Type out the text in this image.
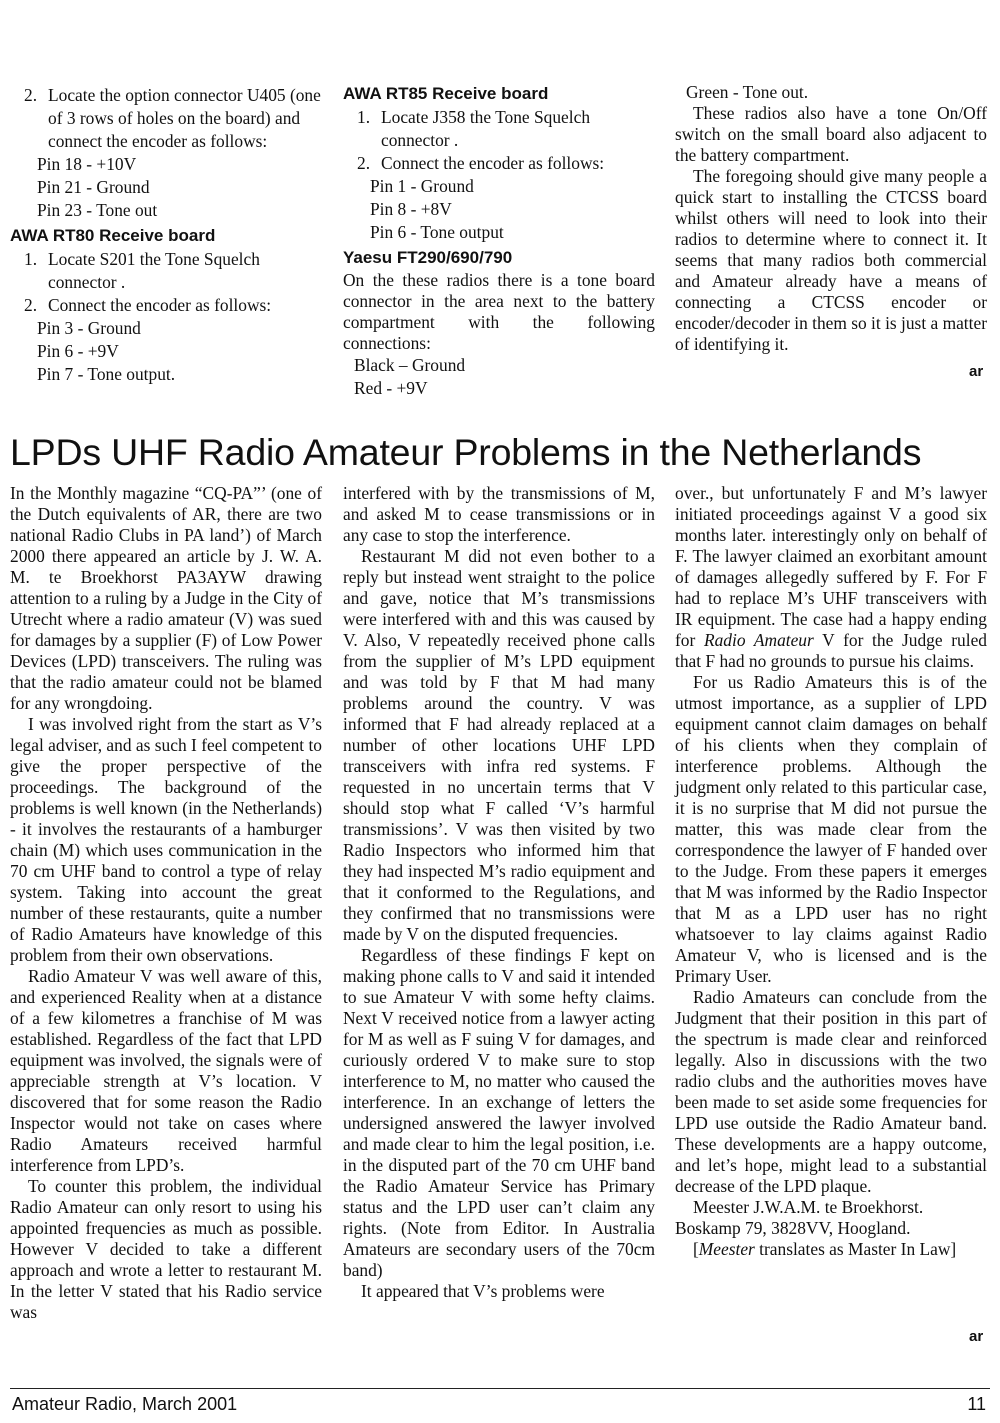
2. Locate the option connector U405 (one of 3 rows of holes on the board) and connect the encoder as follows:

Pin 18 - +10V

Pin 21 - Ground

Pin 23 - Tone out

AWA RT80 Receive board
1. Locate S201 the Tone Squelch connector .
2. Connect the encoder as follows:

Pin 3 - Ground

Pin 6 - +9V

Pin 7 - Tone output.

AWA RT85 Receive board
1. Locate J358 the Tone Squelch connector .
2. Connect the encoder as follows:

Pin 1 - Ground

Pin 8 - +8V

Pin 6 - Tone output

Yaesu FT290/690/790

On the these radios there is a tone board connector in the area next to the battery compartment with the following connections:

Black – Ground

Red - +9V

Green - Tone out.

These radios also have a tone On/Off switch on the small board also adjacent to the battery compartment.

The foregoing should give many people a quick start to installing the CTCSS board whilst others will need to look into their radios to determine where to connect it. It seems that many radios both commercial and Amateur already have a means of connecting a CTCSS encoder or encoder/decoder in them so it is just a matter of identifying it.

ar
LPDs UHF Radio Amateur Problems in the Netherlands

In the Monthly magazine “CQ-PA”’ (one of the Dutch equivalents of AR, there are two national Radio Clubs in PA land’) of March 2000 there appeared an article by J. W. A. M. te Broekhorst PA3AYW drawing attention to a ruling by a Judge in the City of Utrecht where a radio amateur (V) was sued for damages by a supplier (F) of Low Power Devices (LPD) transceivers. The ruling was that the radio amateur could not be blamed for any wrongdoing.

I was involved right from the start as V’s legal adviser, and as such I feel competent to give the proper perspective of the proceedings. The background of the problems is well known (in the Netherlands) - it involves the restaurants of a hamburger chain (M) which uses communication in the 70 cm UHF band to control a type of relay system. Taking into account the great number of these restaurants, quite a number of Radio Amateurs have knowledge of this problem from their own observations.

Radio Amateur V was well aware of this, and experienced Reality when at a distance of a few kilometres a franchise of M was established. Regardless of the fact that LPD equipment was involved, the signals were of appreciable strength at V’s location. V discovered that for some reason the Radio Inspector would not take on cases where Radio Amateurs received harmful interference from LPD’s.

To counter this problem, the individual Radio Amateur can only resort to using his appointed frequencies as much as possible. However V decided to take a different approach and wrote a letter to restaurant M. In the letter V stated that his Radio service was

interfered with by the transmissions of M, and asked M to cease transmissions or in any case to stop the interference.

Restaurant M did not even bother to a reply but instead went straight to the police and gave, notice that M’s transmissions were interfered with and this was caused by V. Also, V repeatedly received phone calls from the supplier of M’s LPD equipment and was told by F that M had many problems around the country. V was informed that F had already replaced at a number of other locations UHF LPD transceivers with infra red systems. F requested in no uncertain terms that V should stop what F called ‘V’s harmful transmissions’. V was then visited by two Radio Inspectors who informed him that they had inspected M’s radio equipment and that it conformed to the Regulations, and they confirmed that no transmissions were made by V on the disputed frequencies.

Regardless of these findings F kept on making phone calls to V and said it intended to sue Amateur V with some hefty claims. Next V received notice from a lawyer acting for M as well as F suing V for damages, and curiously ordered V to make sure to stop interference to M, no matter who caused the interference. In an exchange of letters the undersigned answered the lawyer involved and made clear to him the legal position, i.e. in the disputed part of the 70 cm UHF band the Radio Amateur Service has Primary status and the LPD user can’t claim any rights. (Note from Editor. In Australia Amateurs are secondary users of the 70cm band)

It appeared that V’s problems were

over., but unfortunately F and M’s lawyer initiated proceedings against V a good six months later. interestingly only on behalf of F. The lawyer claimed an exorbitant amount of damages allegedly suffered by F. For F had to replace M’s UHF transceivers with IR equipment. The case had a happy ending for Radio Amateur V for the Judge ruled that F had no grounds to pursue his claims.

For us Radio Amateurs this is of the utmost importance, as a supplier of LPD equipment cannot claim damages on behalf of his clients when they complain of interference problems. Although the judgment only related to this particular case, it is no surprise that M did not pursue the matter, this was made clear from the correspondence the lawyer of F handed over to the Judge. From these papers it emerges that M was informed by the Radio Inspector that M as a LPD user has no right whatsoever to lay claims against Radio Amateur V, who is licensed and is the Primary User.

Radio Amateurs can conclude from the Judgment that their position in this part of the spectrum is made clear and reinforced legally. Also in discussions with the two radio clubs and the authorities moves have been made to set aside some frequencies for LPD use outside the Radio Amateur band. These developments are a happy outcome, and let’s hope, might lead to a substantial decrease of the LPD plaque.

Meester J.W.A.M. te Broekhorst.

Boskamp 79, 3828VV, Hoogland.

[Meester translates as Master In Law]

ar
Amateur Radio, March 2001	11
